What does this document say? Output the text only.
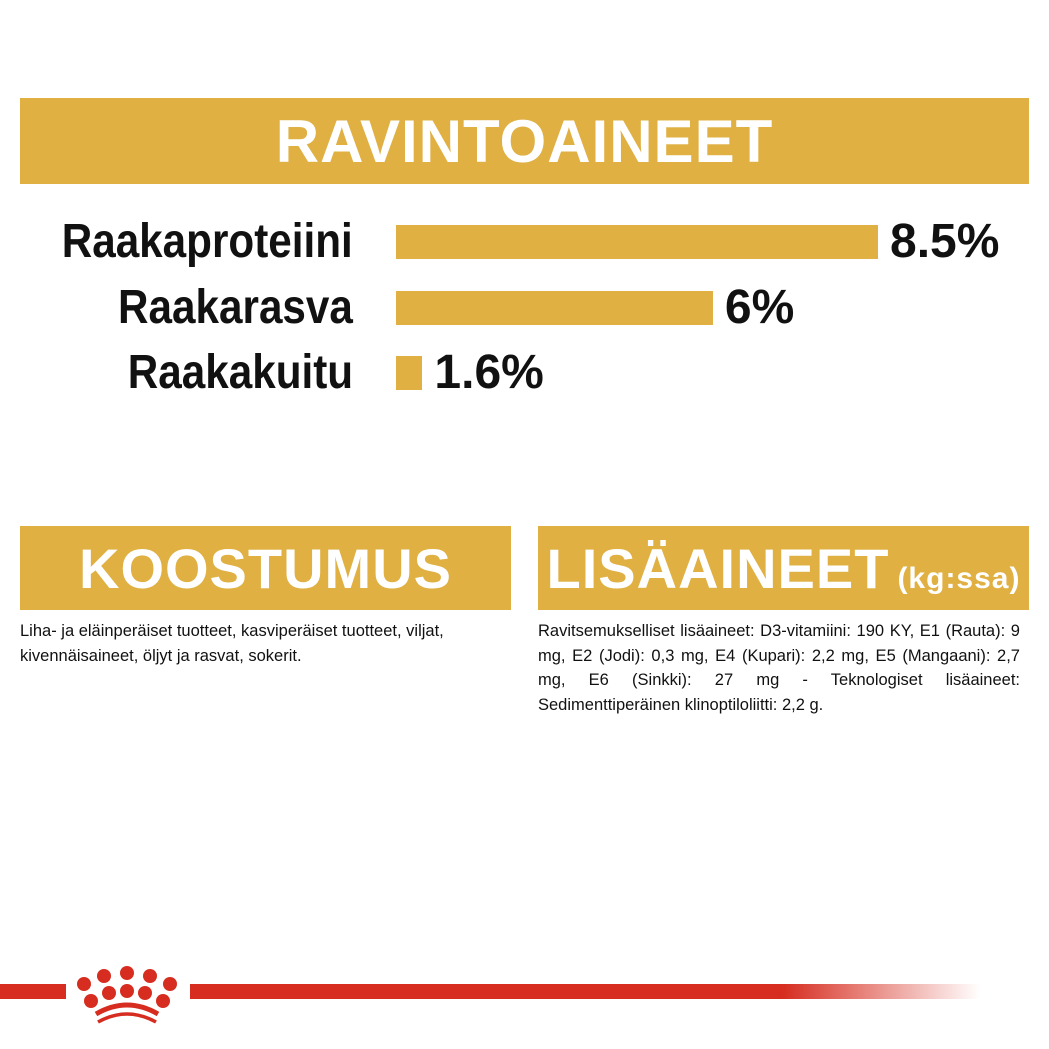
RAVINTOAINEET
Raakaproteiini	8.5%
Raakarasva	6%
Raakakuitu 1.6%
KOOSTUMUS
Liha- ja eläinperäiset tuotteet, kasviperäiset tuotteet, viljat, kivennäisaineet, öljyt ja rasvat, sokerit.
LISÄAINEET (kg:ssa)
Ravitsemukselliset lisäaineet: D3-vitamiini: 190 KY, E1 (Rauta): 9 mg, E2 (Jodi): 0,3 mg, E4 (Kupari): 2,2 mg, E5 (Mangaani): 2,7 mg, E6 (Sinkki): 27 mg - Teknologiset lisäaineet: Sedimenttiperäinen klinoptiloliitti: 2,2 g.
